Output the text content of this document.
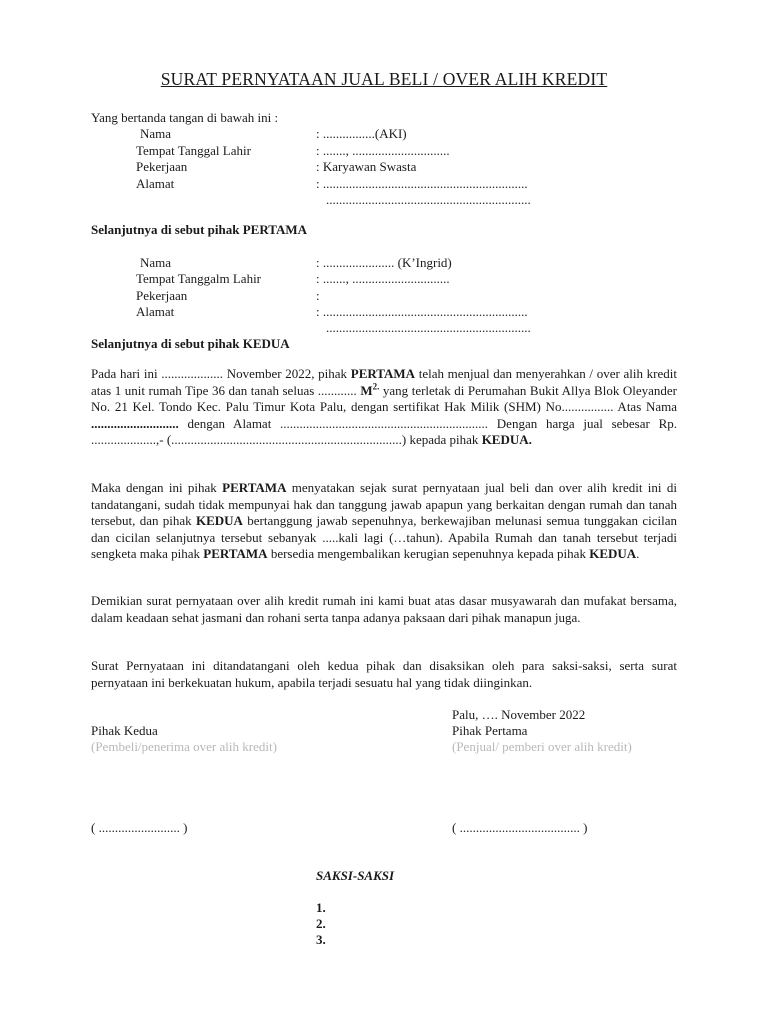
SURAT PERNYATAAN JUAL BELI / OVER ALIH KREDIT
Yang bertanda tangan di bawah ini :
Nama	: ................(AKI)
Tempat Tanggal Lahir	: ......., ..............................
Pekerjaan	: Karyawan Swasta
Alamat	: ...............................................................
...............................................................
Selanjutnya di sebut pihak PERTAMA
Nama	: ...................... (K’Ingrid)
Tempat Tanggalm Lahir	: ......., ..............................
Pekerjaan	:
Alamat	: ...............................................................
...............................................................
Selanjutnya di sebut pihak KEDUA
Pada hari ini ................... November 2022, pihak PERTAMA telah menjual dan menyerahkan / over alih kredit atas 1 unit rumah Tipe 36 dan tanah seluas ............ $M^{2.}$ yang terletak di Perumahan Bukit Allya Blok Oleyander No. 21 Kel. Tondo Kec. Palu Timur Kota Palu, dengan sertifikat Hak Milik (SHM) No................ Atas Nama ........................... dengan Alamat ................................................................ Dengan harga jual sebesar Rp. ....................,- (.......................................................................) kepada pihak KEDUA.
Maka dengan ini pihak PERTAMA menyatakan sejak surat pernyataan jual beli dan over alih kredit ini di tandatangani, sudah tidak mempunyai hak dan tanggung jawab apapun yang berkaitan dengan rumah dan tanah tersebut, dan pihak KEDUA bertanggung jawab sepenuhnya, berkewajiban melunasi semua tunggakan cicilan dan cicilan selanjutnya tersebut sebanyak .....kali lagi (…tahun). Apabila Rumah dan tanah tersebut terjadi sengketa maka pihak PERTAMA bersedia mengembalikan kerugian sepenuhnya kepada pihak KEDUA.
Demikian surat pernyataan over alih kredit rumah ini kami buat atas dasar musyawarah dan mufakat bersama, dalam keadaan sehat jasmani dan rohani serta tanpa adanya paksaan dari pihak manapun juga.
Surat Pernyataan ini ditandatangani oleh kedua pihak dan disaksikan oleh para saksi-saksi, serta surat pernyataan ini berkekuatan hukum, apabila terjadi sesuatu hal yang tidak diinginkan.
Palu, …. November 2022
Pihak Kedua	Pihak Pertama
(Pembeli/penerima over alih kredit)	(Penjual/ pemberi over alih kredit)
( ......................... )	( ..................................... )
SAKSI-SAKSI
1.
2.
3.
